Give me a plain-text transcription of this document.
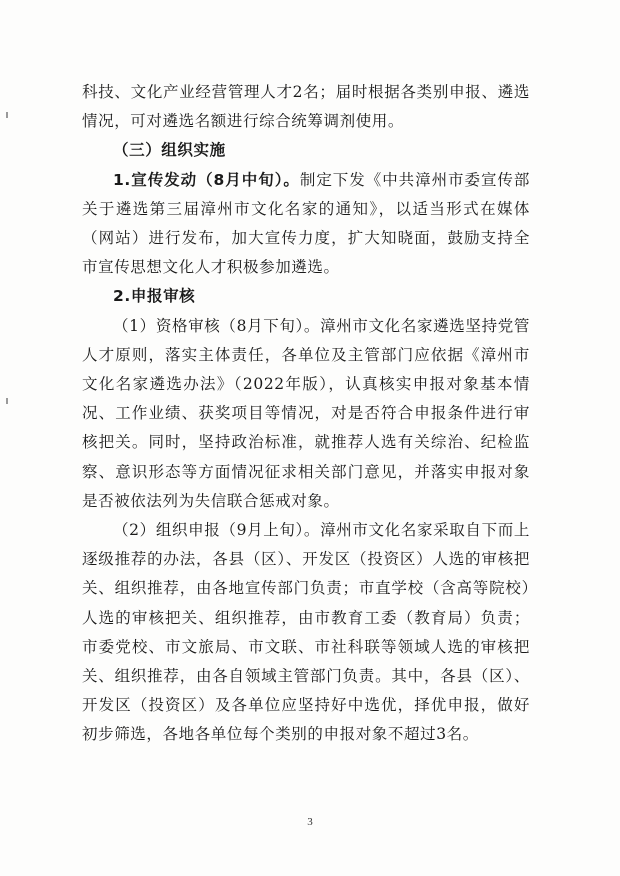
科技、文化产业经营管理人才2名；届时根据各类别申报、遴选情况，可对遴选名额进行综合统筹调剂使用。

（三）组织实施

1.宣传发动（8月中旬）。制定下发《中共漳州市委宣传部关于遴选第三届漳州市文化名家的通知》，以适当形式在媒体（网站）进行发布，加大宣传力度，扩大知晓面，鼓励支持全市宣传思想文化人才积极参加遴选。

2.申报审核

（1）资格审核（8月下旬）。漳州市文化名家遴选坚持党管人才原则，落实主体责任，各单位及主管部门应依据《漳州市文化名家遴选办法》（2022年版），认真核实申报对象基本情况、工作业绩、获奖项目等情况，对是否符合申报条件进行审核把关。同时，坚持政治标准，就推荐人选有关综治、纪检监察、意识形态等方面情况征求相关部门意见，并落实申报对象是否被依法列为失信联合惩戒对象。

（2）组织申报（9月上旬）。漳州市文化名家采取自下而上逐级推荐的办法，各县（区）、开发区（投资区）人选的审核把关、组织推荐，由各地宣传部门负责；市直学校（含高等院校）人选的审核把关、组织推荐，由市教育工委（教育局）负责；市委党校、市文旅局、市文联、市社科联等领域人选的审核把关、组织推荐，由各自领域主管部门负责。其中，各县（区）、开发区（投资区）及各单位应坚持好中选优，择优申报，做好初步筛选，各地各单位每个类别的申报对象不超过3名。

3
